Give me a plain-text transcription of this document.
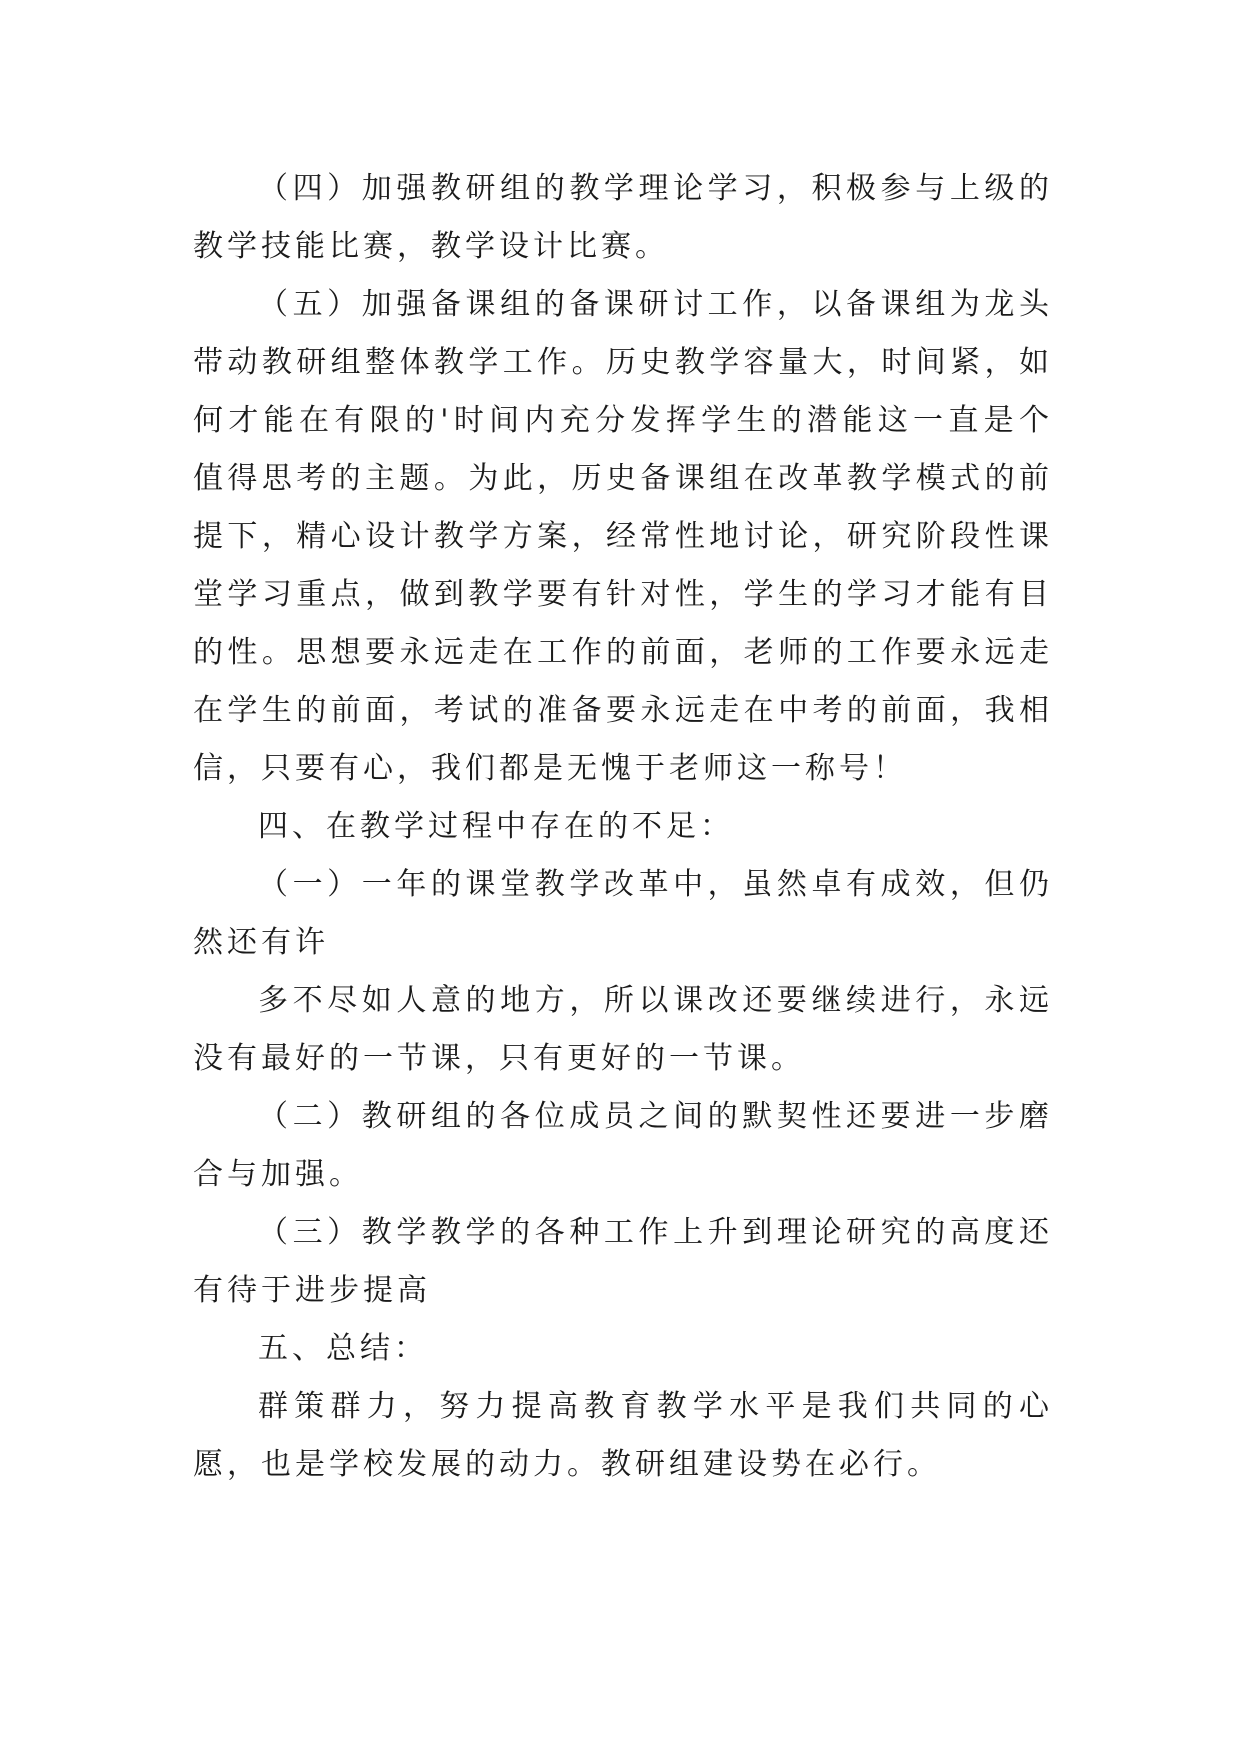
（四）加强教研组的教学理论学习，积极参与上级的教学技能比赛，教学设计比赛。

（五）加强备课组的备课研讨工作，以备课组为龙头带动教研组整体教学工作。历史教学容量大，时间紧，如何才能在有限的'时间内充分发挥学生的潜能这一直是个值得思考的主题。为此，历史备课组在改革教学模式的前提下，精心设计教学方案，经常性地讨论，研究阶段性课堂学习重点，做到教学要有针对性，学生的学习才能有目的性。思想要永远走在工作的前面，老师的工作要永远走在学生的前面，考试的准备要永远走在中考的前面，我相信，只要有心，我们都是无愧于老师这一称号！

四、在教学过程中存在的不足：

（一）一年的课堂教学改革中，虽然卓有成效，但仍然还有许

多不尽如人意的地方，所以课改还要继续进行，永远没有最好的一节课，只有更好的一节课。

（二）教研组的各位成员之间的默契性还要进一步磨合与加强。

（三）教学教学的各种工作上升到理论研究的高度还有待于进步提高

五、总结：

群策群力，努力提高教育教学水平是我们共同的心愿，也是学校发展的动力。教研组建设势在必行。
